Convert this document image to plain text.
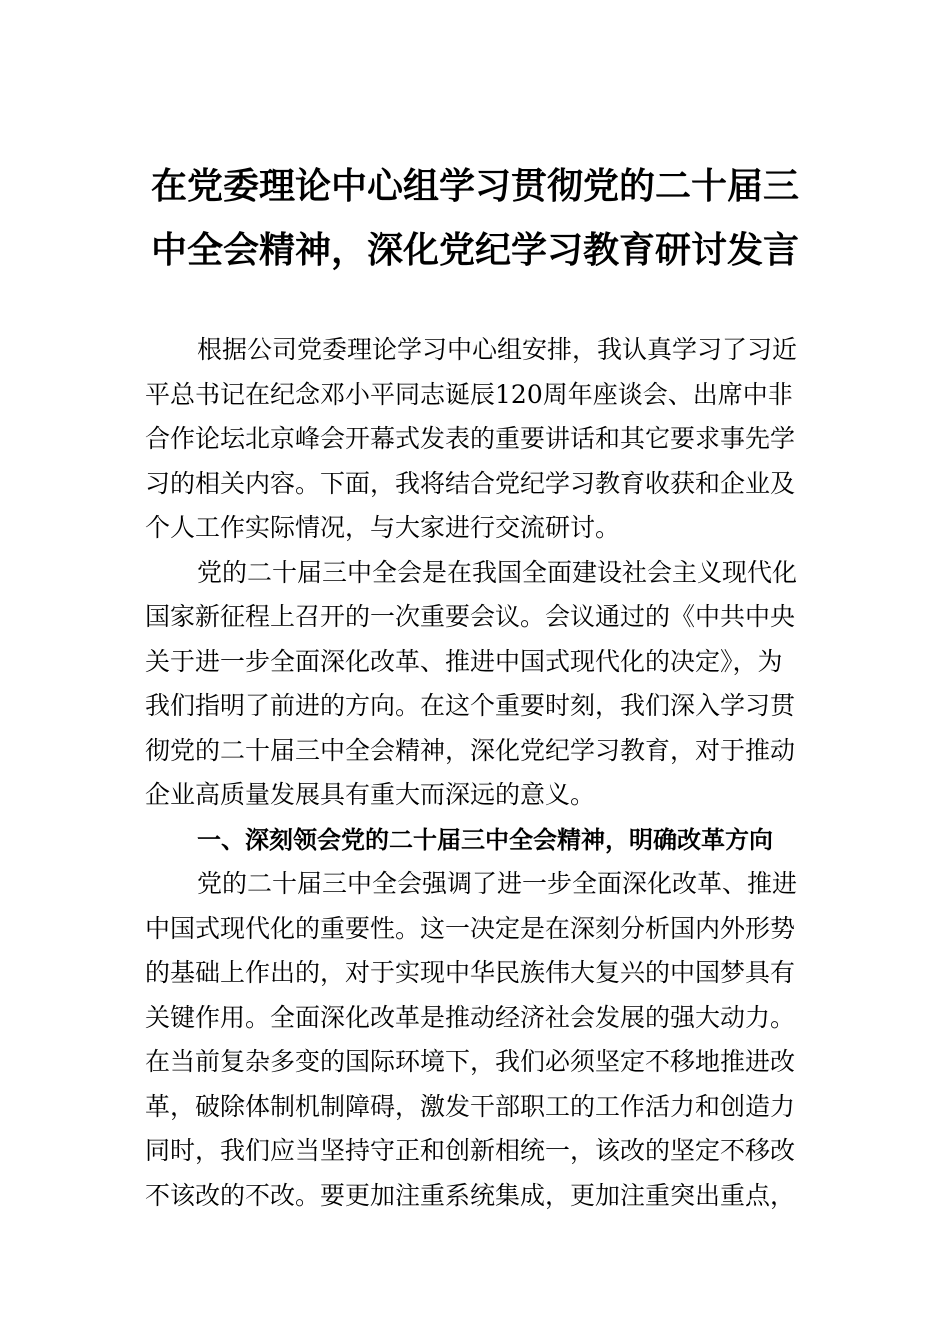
在党委理论中心组学习贯彻党的二十届三
中全会精神，深化党纪学习教育研讨发言

根据公司党委理论学习中心组安排，我认真学习了习近

平总书记在纪念邓小平同志诞辰120周年座谈会、出席中非

合作论坛北京峰会开幕式发表的重要讲话和其它要求事先学

习的相关内容。下面，我将结合党纪学习教育收获和企业及

个人工作实际情况，与大家进行交流研讨。

党的二十届三中全会是在我国全面建设社会主义现代化

国家新征程上召开的一次重要会议。会议通过的《中共中央

关于进一步全面深化改革、推进中国式现代化的决定》，为

我们指明了前进的方向。在这个重要时刻，我们深入学习贯

彻党的二十届三中全会精神，深化党纪学习教育，对于推动

企业高质量发展具有重大而深远的意义。

一、深刻领会党的二十届三中全会精神，明确改革方向

党的二十届三中全会强调了进一步全面深化改革、推进

中国式现代化的重要性。这一决定是在深刻分析国内外形势

的基础上作出的，对于实现中华民族伟大复兴的中国梦具有

关键作用。全面深化改革是推动经济社会发展的强大动力。

在当前复杂多变的国际环境下，我们必须坚定不移地推进改

革，破除体制机制障碍，激发干部职工的工作活力和创造力

同时，我们应当坚持守正和创新相统一，该改的坚定不移改

不该改的不改。要更加注重系统集成，更加注重突出重点，
